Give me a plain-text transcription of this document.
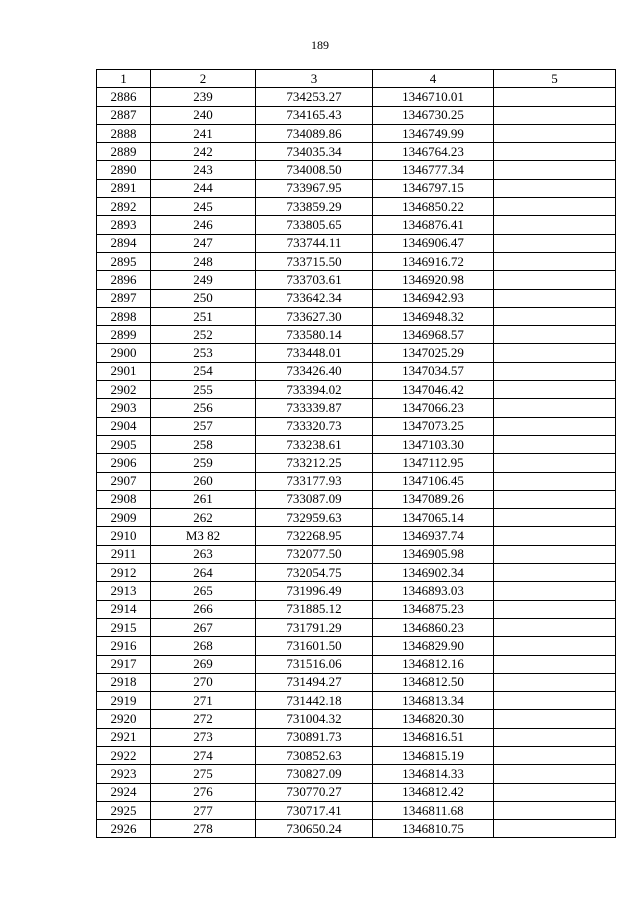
189
1	2	3	4	5
2886	239	734253.27	1346710.01	
2887	240	734165.43	1346730.25	
2888	241	734089.86	1346749.99	
2889	242	734035.34	1346764.23	
2890	243	734008.50	1346777.34	
2891	244	733967.95	1346797.15	
2892	245	733859.29	1346850.22	
2893	246	733805.65	1346876.41	
2894	247	733744.11	1346906.47	
2895	248	733715.50	1346916.72	
2896	249	733703.61	1346920.98	
2897	250	733642.34	1346942.93	
2898	251	733627.30	1346948.32	
2899	252	733580.14	1346968.57	
2900	253	733448.01	1347025.29	
2901	254	733426.40	1347034.57	
2902	255	733394.02	1347046.42	
2903	256	733339.87	1347066.23	
2904	257	733320.73	1347073.25	
2905	258	733238.61	1347103.30	
2906	259	733212.25	1347112.95	
2907	260	733177.93	1347106.45	
2908	261	733087.09	1347089.26	
2909	262	732959.63	1347065.14	
2910	МЗ 82	732268.95	1346937.74	
2911	263	732077.50	1346905.98	
2912	264	732054.75	1346902.34	
2913	265	731996.49	1346893.03	
2914	266	731885.12	1346875.23	
2915	267	731791.29	1346860.23	
2916	268	731601.50	1346829.90	
2917	269	731516.06	1346812.16	
2918	270	731494.27	1346812.50	
2919	271	731442.18	1346813.34	
2920	272	731004.32	1346820.30	
2921	273	730891.73	1346816.51	
2922	274	730852.63	1346815.19	
2923	275	730827.09	1346814.33	
2924	276	730770.27	1346812.42	
2925	277	730717.41	1346811.68	
2926	278	730650.24	1346810.75	
